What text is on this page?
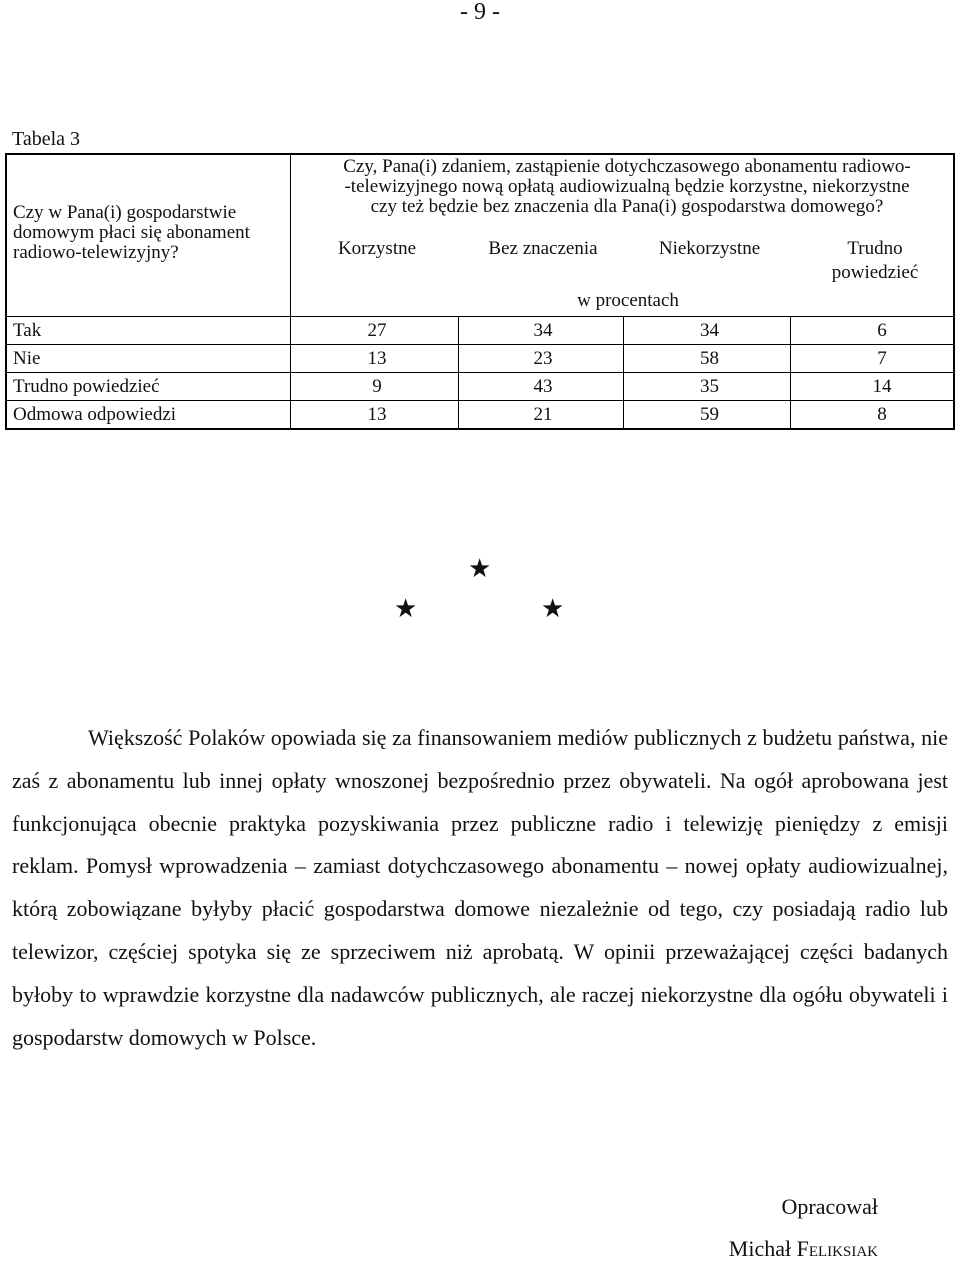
- 9 -
Tabela 3
Czy w Pana(i) gospodarstwie domowym płaci się abonament radiowo-telewizyjny?
Czy, Pana(i) zdaniem, zastąpienie dotychczasowego abonamentu radiowo-
-telewizyjnego nową opłatą audiowizualną będzie korzystne, niekorzystne
czy też będzie bez znaczenia dla Pana(i) gospodarstwa domowego?
Korzystne	Bez znaczenia	Niekorzystne	Trudno
powiedzieć
w procentach
Tak	27	34	34	6
Nie	13	23	58	7
Trudno powiedzieć	9	43	35	14
Odmowa odpowiedzi	13	21	59	8
★
★	★

Większość Polaków opowiada się za finansowaniem mediów publicznych z budżetu państwa, nie zaś z abonamentu lub innej opłaty wnoszonej bezpośrednio przez obywateli. Na ogół aprobowana jest funkcjonująca obecnie praktyka pozyskiwania przez publiczne radio i telewizję pieniędzy z emisji reklam. Pomysł wprowadzenia – zamiast dotychczasowego abonamentu – nowej opłaty audiowizualnej, którą zobowiązane byłyby płacić gospodarstwa domowe niezależnie od tego, czy posiadają radio lub telewizor, częściej spotyka się ze sprzeciwem niż aprobatą. W opinii przeważającej części badanych byłoby to wprawdzie korzystne dla nadawców publicznych, ale raczej niekorzystne dla ogółu obywateli i gospodarstw domowych w Polsce.

Opracował
Michał Feliksiak
